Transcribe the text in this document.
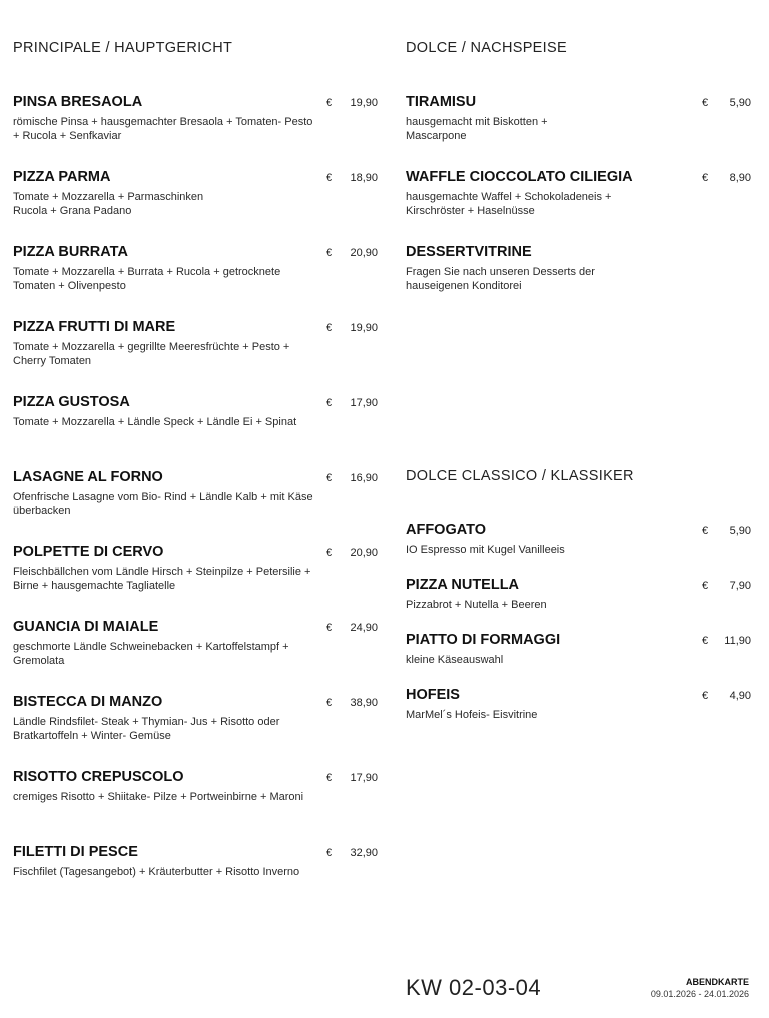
PRINCIPALE / HAUPTGERICHT
PINSA BRESAOLA	€	19,90
römische Pinsa + hausgemachter Bresaola + Tomaten- Pesto + Rucola + Senfkaviar
PIZZA PARMA	€	18,90
Tomate + Mozzarella + Parmaschinken Rucola + Grana Padano
PIZZA BURRATA	€	20,90
Tomate + Mozzarella + Burrata + Rucola + getrocknete Tomaten + Olivenpesto
PIZZA FRUTTI DI MARE	€	19,90
Tomate + Mozzarella + gegrillte Meeresfrüchte + Pesto + Cherry Tomaten
PIZZA GUSTOSA	€	17,90
Tomate + Mozzarella + Ländle Speck + Ländle Ei + Spinat
LASAGNE AL FORNO	€	16,90
Ofenfrische Lasagne vom Bio- Rind + Ländle Kalb + mit Käse überbacken
POLPETTE DI CERVO	€	20,90
Fleischbällchen vom Ländle Hirsch + Steinpilze + Petersilie + Birne + hausgemachte Tagliatelle
GUANCIA DI MAIALE	€	24,90
geschmorte Ländle Schweinebacken + Kartoffelstampf + Gremolata
BISTECCA DI MANZO	€	38,90
Ländle Rindsfilet- Steak + Thymian- Jus + Risotto oder Bratkartoffeln + Winter- Gemüse
RISOTTO CREPUSCOLO	€	17,90
cremiges Risotto + Shiitake- Pilze + Portweinbirne + Maroni
FILETTI DI PESCE	€	32,90
Fischfilet (Tagesangebot) + Kräuterbutter + Risotto Inverno
DOLCE / NACHSPEISE
TIRAMISU	€	5,90
hausgemacht mit Biskotten + Mascarpone
WAFFLE CIOCCOLATO CILIEGIA	€	8,90
hausgemachte Waffel + Schokoladeneis + Kirschröster + Haselnüsse
DESSERTVITRINE
Fragen Sie nach unseren Desserts der hauseigenen Konditorei
DOLCE CLASSICO / KLASSIKER
AFFOGATO	€	5,90
IO Espresso mit Kugel Vanilleeis
PIZZA NUTELLA	€	7,90
Pizzabrot + Nutella + Beeren
PIATTO DI FORMAGGI	€	11,90
kleine Käseauswahl
HOFEIS	€	4,90
MarMel´s Hofeis- Eisvitrine
KW 02-03-04	ABENDKARTE
09.01.2026 - 24.01.2026
